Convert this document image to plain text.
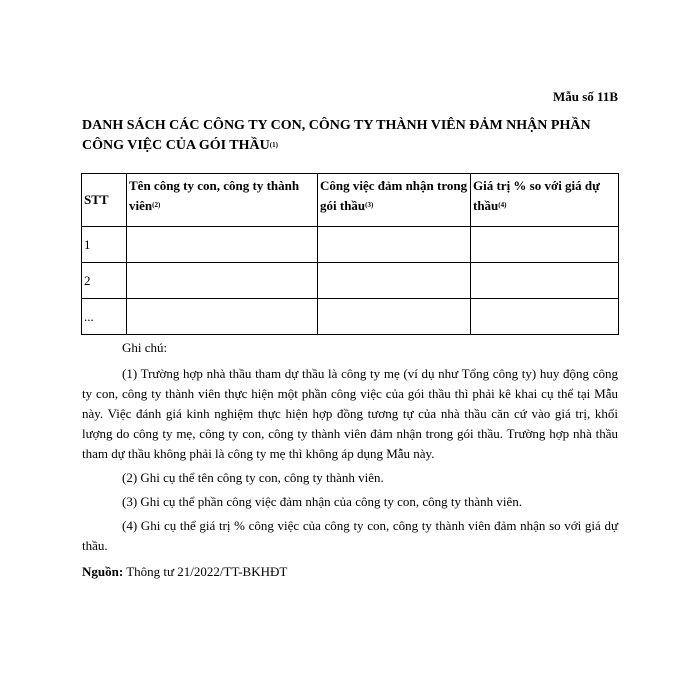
Mẫu số 11B
DANH SÁCH CÁC CÔNG TY CON, CÔNG TY THÀNH VIÊN ĐẢM NHẬN PHẦN
CÔNG VIỆC CỦA GÓI THẦU$^{(1)}$
STT	Tên công ty con, công ty thành viên$^{(2)}$	Công việc đảm nhận trong gói thầu$^{(3)}$	Giá trị % so với giá dự thầu$^{(4)}$
1			
2			
...			

Ghi chú:

(1) Trường hợp nhà thầu tham dự thầu là công ty mẹ (ví dụ như Tổng công ty) huy động công ty con, công ty thành viên thực hiện một phần công việc của gói thầu thì phải kê khai cụ thể tại Mẫu này. Việc đánh giá kinh nghiệm thực hiện hợp đồng tương tự của nhà thầu căn cứ vào giá trị, khối lượng do công ty mẹ, công ty con, công ty thành viên đảm nhận trong gói thầu. Trường hợp nhà thầu tham dự thầu không phải là công ty mẹ thì không áp dụng Mẫu này.

(2) Ghi cụ thể tên công ty con, công ty thành viên.

(3) Ghi cụ thể phần công việc đảm nhận của công ty con, công ty thành viên.

(4) Ghi cụ thể giá trị % công việc của công ty con, công ty thành viên đảm nhận so với giá dự thầu.

Nguồn: Thông tư 21/2022/TT-BKHĐT
